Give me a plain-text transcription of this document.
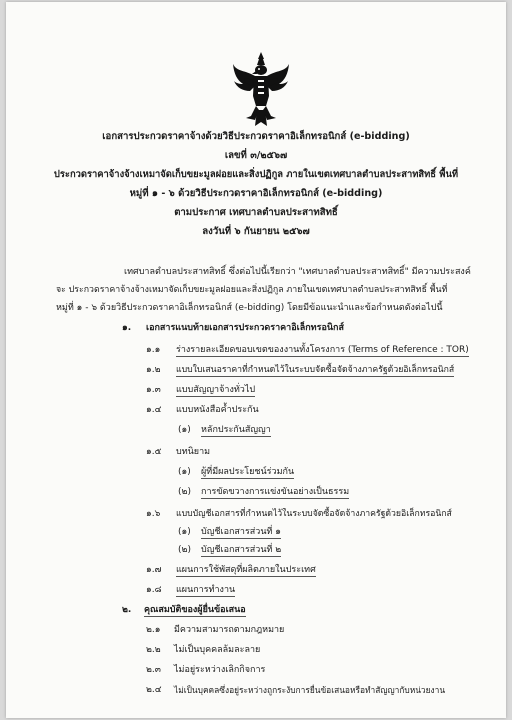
เอกสารประกวดราคาจ้างด้วยวิธีประกวดราคาอิเล็กทรอนิกส์ (e-bidding)
เลขที่ ๓/๒๕๖๗
ประกวดราคาจ้างจ้างเหมาจัดเก็บขยะมูลฝอยและสิ่งปฏิกูล ภายในเขตเทศบาลตำบลประสาทสิทธิ์ พื้นที่
หมู่ที่ ๑ - ๖ ด้วยวิธีประกวดราคาอิเล็กทรอนิกส์ (e-bidding)
ตามประกาศ เทศบาลตำบลประสาทสิทธิ์
ลงวันที่ ๖ กันยายน ๒๕๖๗
เทศบาลตำบลประสาทสิทธิ์ ซึ่งต่อไปนี้เรียกว่า "เทศบาลตำบลประสาทสิทธิ์" มีความประสงค์
จะ ประกวดราคาจ้างจ้างเหมาจัดเก็บขยะมูลฝอยและสิ่งปฏิกูล ภายในเขตเทศบาลตำบลประสาทสิทธิ์ พื้นที่
หมู่ที่ ๑ - ๖ ด้วยวิธีประกวดราคาอิเล็กทรอนิกส์ (e-bidding) โดยมีข้อแนะนำและข้อกำหนดดังต่อไปนี้
๑. เอกสารแนบท้ายเอกสารประกวดราคาอิเล็กทรอนิกส์
๑.๑ ร่างรายละเอียดขอบเขตของงานทั้งโครงการ (Terms of Reference : TOR)
๑.๒ แบบใบเสนอราคาที่กำหนดไว้ในระบบจัดซื้อจัดจ้างภาครัฐด้วยอิเล็กทรอนิกส์
๑.๓ แบบสัญญาจ้างทั่วไป
๑.๔ แบบหนังสือค้ำประกัน
(๑) หลักประกันสัญญา
๑.๕ บทนิยาม
(๑) ผู้ที่มีผลประโยชน์ร่วมกัน
(๒) การขัดขวางการแข่งขันอย่างเป็นธรรม
๑.๖ แบบบัญชีเอกสารที่กำหนดไว้ในระบบจัดซื้อจัดจ้างภาครัฐด้วยอิเล็กทรอนิกส์
(๑) บัญชีเอกสารส่วนที่ ๑
(๒) บัญชีเอกสารส่วนที่ ๒
๑.๗ แผนการใช้พัสดุที่ผลิตภายในประเทศ
๑.๘ แผนการทำงาน
๒. คุณสมบัติของผู้ยื่นข้อเสนอ
๒.๑ มีความสามารถตามกฎหมาย
๒.๒ ไม่เป็นบุคคลล้มละลาย
๒.๓ ไม่อยู่ระหว่างเลิกกิจการ
๒.๔ ไม่เป็นบุคคลซึ่งอยู่ระหว่างถูกระงับการยื่นข้อเสนอหรือทำสัญญากับหน่วยงาน
